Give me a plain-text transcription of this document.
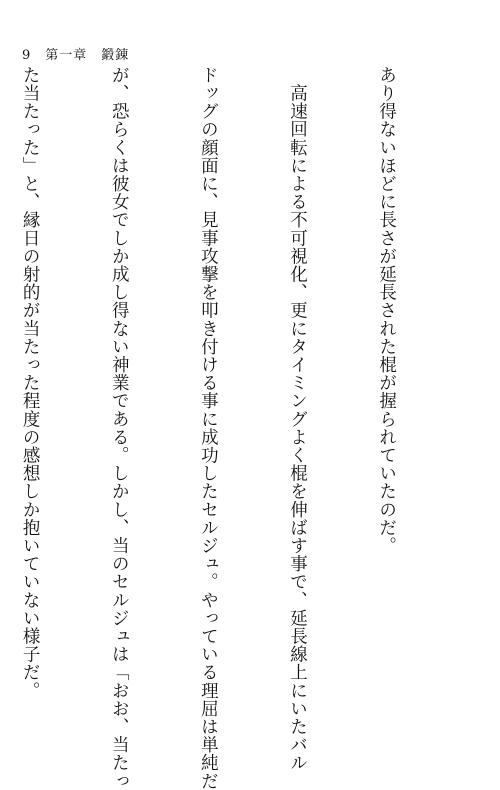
9 第一章　鍛錬

あり得ないほどに長さが延長された棍が握られていたのだ。

　高速回転による不可視化、更にタイミングよく棍を伸ばす事で、延長線上にいたバル

ドッグの顔面に、見事攻撃を叩き付ける事に成功したセルジュ。やっている理屈は単純だ

が、恐らくは彼女でしか成し得ない神業である。しかし、当のセルジュは「おお、当たっ

た当たった」と、縁日の射的が当たった程度の感想しか抱いていない様子だ。
